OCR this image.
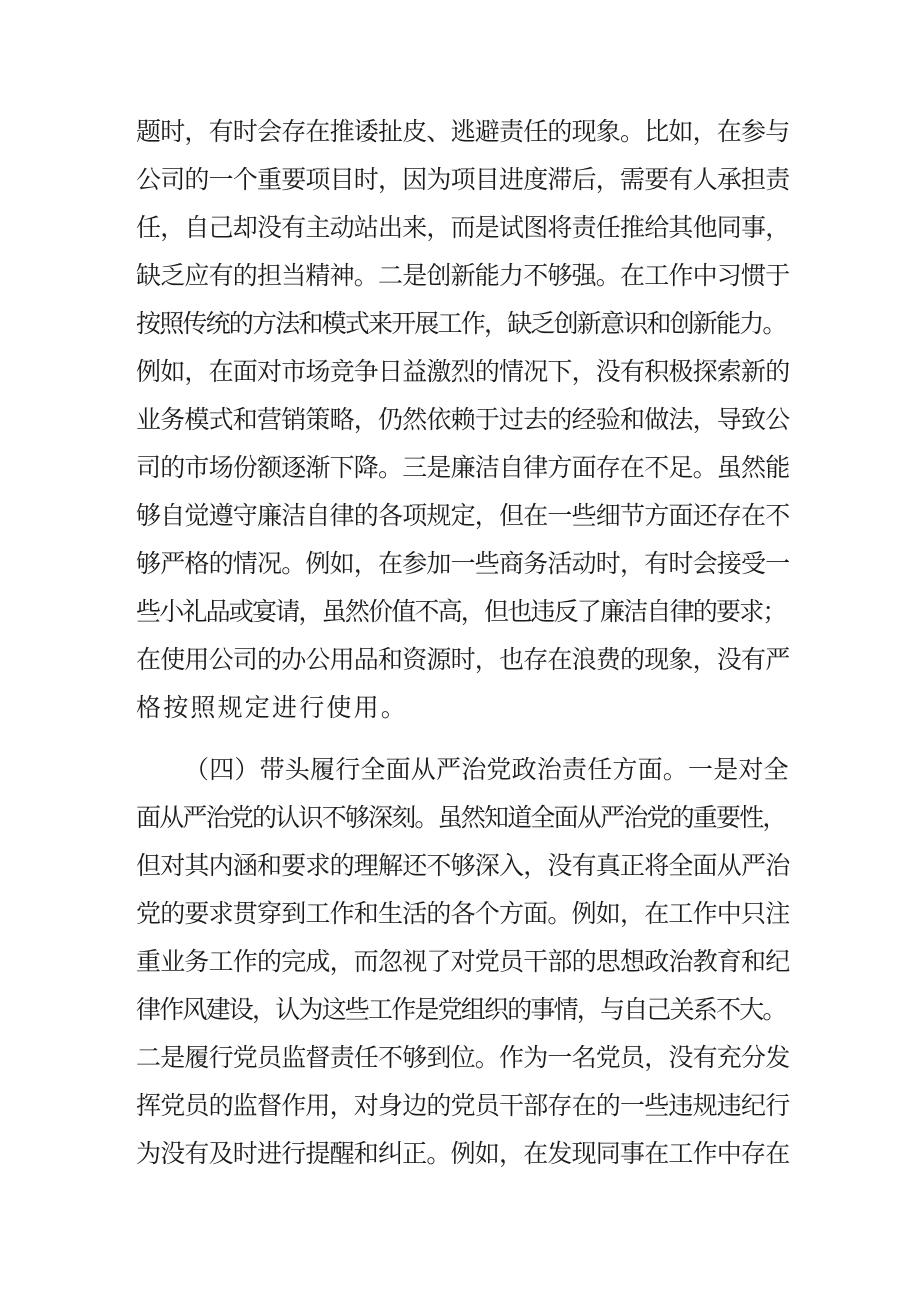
题时，有时会存在推诿扯皮、逃避责任的现象。比如，在参与
公司的一个重要项目时，因为项目进度滞后，需要有人承担责
任，自己却没有主动站出来，而是试图将责任推给其他同事，
缺乏应有的担当精神。二是创新能力不够强。在工作中习惯于
按照传统的方法和模式来开展工作，缺乏创新意识和创新能力。
例如，在面对市场竞争日益激烈的情况下，没有积极探索新的
业务模式和营销策略，仍然依赖于过去的经验和做法，导致公
司的市场份额逐渐下降。三是廉洁自律方面存在不足。虽然能
够自觉遵守廉洁自律的各项规定，但在一些细节方面还存在不
够严格的情况。例如，在参加一些商务活动时，有时会接受一
些小礼品或宴请，虽然价值不高，但也违反了廉洁自律的要求；
在使用公司的办公用品和资源时，也存在浪费的现象，没有严
格按照规定进行使用。
（四）带头履行全面从严治党政治责任方面。一是对全
面从严治党的认识不够深刻。虽然知道全面从严治党的重要性，
但对其内涵和要求的理解还不够深入，没有真正将全面从严治
党的要求贯穿到工作和生活的各个方面。例如，在工作中只注
重业务工作的完成，而忽视了对党员干部的思想政治教育和纪
律作风建设，认为这些工作是党组织的事情，与自己关系不大。
二是履行党员监督责任不够到位。作为一名党员，没有充分发
挥党员的监督作用，对身边的党员干部存在的一些违规违纪行
为没有及时进行提醒和纠正。例如，在发现同事在工作中存在
